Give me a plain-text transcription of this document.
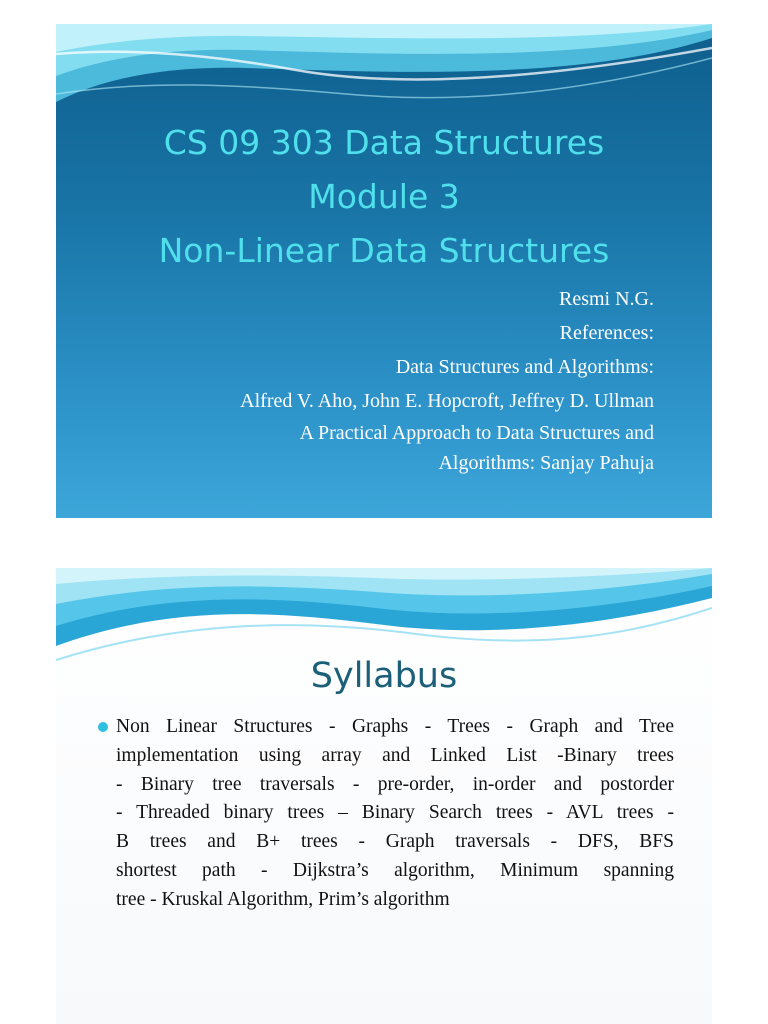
CS 09 303 Data Structures
Module 3
Non-Linear Data Structures
Resmi N.G.
References:
Data Structures and Algorithms:
Alfred V. Aho, John E. Hopcroft, Jeffrey D. Ullman
A Practical Approach to Data Structures and
Algorithms: Sanjay Pahuja
Syllabus
Non Linear Structures - Graphs - Trees - Graph and Tree
implementation using array and Linked List -Binary trees
- Binary tree traversals - pre-order, in-order and postorder
- Threaded binary trees – Binary Search trees - AVL trees -
B trees and B+ trees - Graph traversals - DFS, BFS
shortest path - Dijkstra’s algorithm, Minimum spanning
tree - Kruskal Algorithm, Prim’s algorithm
